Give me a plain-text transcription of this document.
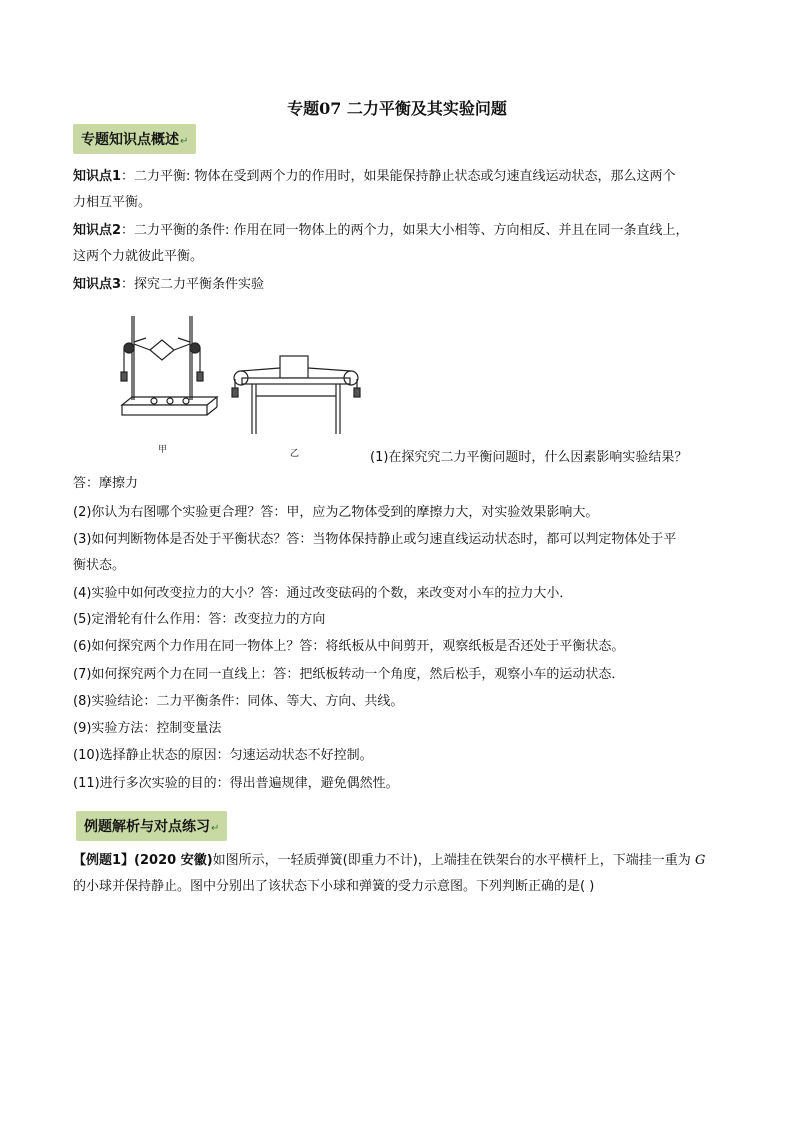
专题07 二力平衡及其实验问题
专题知识点概述↵
知识点1：二力平衡: 物体在受到两个力的作用时，如果能保持静止状态或匀速直线运动状态，那么这两个
力相互平衡。
知识点2：二力平衡的条件: 作用在同一物体上的两个力，如果大小相等、方向相反、并且在同一条直线上，
这两个力就彼此平衡。
知识点3：探究二力平衡条件实验
甲	乙	(1)在探究究二力平衡问题时，什么因素影响实验结果？
答：摩擦力
(2)你认为右图哪个实验更合理？答：甲，应为乙物体受到的摩擦力大，对实验效果影响大。
(3)如何判断物体是否处于平衡状态？答：当物体保持静止或匀速直线运动状态时，都可以判定物体处于平
衡状态。
(4)实验中如何改变拉力的大小？答：通过改变砝码的个数，来改变对小车的拉力大小．
(5)定滑轮有什么作用：答：改变拉力的方向
(6)如何探究两个力作用在同一物体上？答：将纸板从中间剪开，观察纸板是否还处于平衡状态。
(7)如何探究两个力在同一直线上：答：把纸板转动一个角度，然后松手，观察小车的运动状态．
(8)实验结论：二力平衡条件：同体、等大、方向、共线。
(9)实验方法：控制变量法
(10)选择静止状态的原因：匀速运动状态不好控制。
(11)进行多次实验的目的：得出普遍规律，避免偶然性。
例题解析与对点练习↵
【例题1】(2020 安徽)如图所示，一轻质弹簧(即重力不计)，上端挂在铁架台的水平横杆上，下端挂一重为 G
的小球并保持静止。图中分别出了该状态下小球和弹簧的受力示意图。下列判断正确的是( )
